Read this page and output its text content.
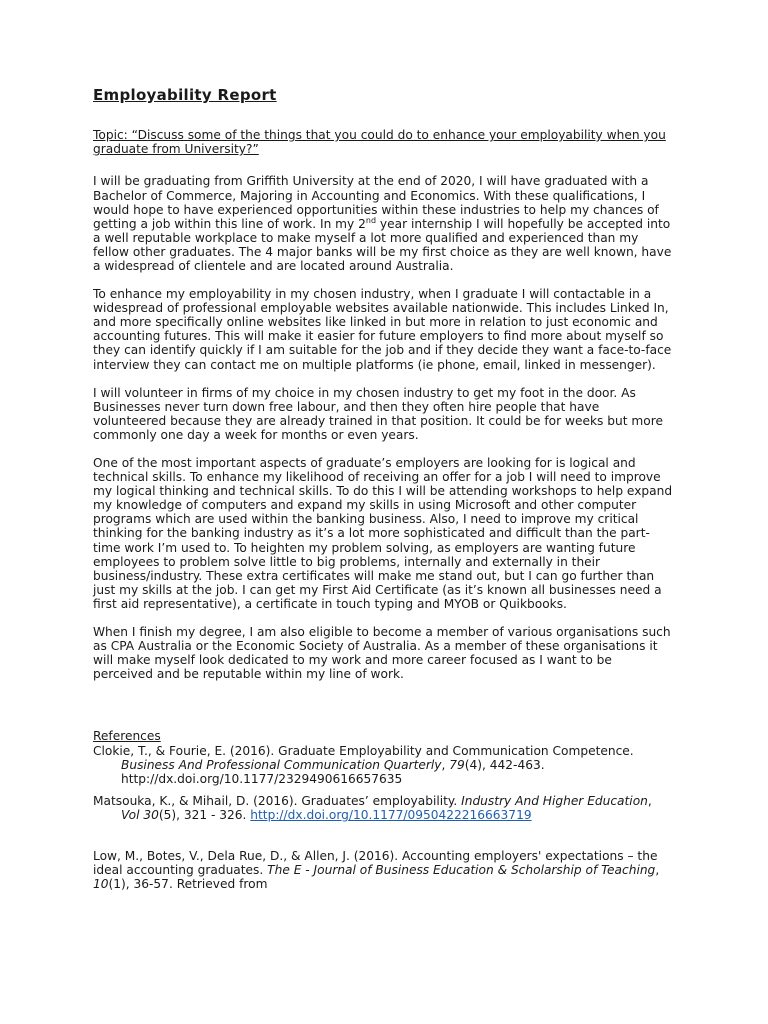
Employability Report
Topic: “Discuss some of the things that you could do to enhance your employability when you graduate from University?”

I will be graduating from Griffith University at the end of 2020, I will have graduated with a Bachelor of Commerce, Majoring in Accounting and Economics. With these qualifications, I would hope to have experienced opportunities within these industries to help my chances of getting a job within this line of work. In my 2nd year internship I will hopefully be accepted into a well reputable workplace to make myself a lot more qualified and experienced than my fellow other graduates. The 4 major banks will be my first choice as they are well known, have a widespread of clientele and are located around Australia.

To enhance my employability in my chosen industry, when I graduate I will contactable in a widespread of professional employable websites available nationwide. This includes Linked In, and more specifically online websites like linked in but more in relation to just economic and accounting futures. This will make it easier for future employers to find more about myself so they can identify quickly if I am suitable for the job and if they decide they want a face-to-face interview they can contact me on multiple platforms (ie phone, email, linked in messenger).

I will volunteer in firms of my choice in my chosen industry to get my foot in the door. As Businesses never turn down free labour, and then they often hire people that have volunteered because they are already trained in that position. It could be for weeks but more commonly one day a week for months or even years.

One of the most important aspects of graduate’s employers are looking for is logical and technical skills. To enhance my likelihood of receiving an offer for a job I will need to improve my logical thinking and technical skills. To do this I will be attending workshops to help expand my knowledge of computers and expand my skills in using Microsoft and other computer programs which are used within the banking business. Also, I need to improve my critical thinking for the banking industry as it’s a lot more sophisticated and difficult than the part-time work I’m used to. To heighten my problem solving, as employers are wanting future employees to problem solve little to big problems, internally and externally in their business/industry. These extra certificates will make me stand out, but I can go further than just my skills at the job. I can get my First Aid Certificate (as it’s known all businesses need a first aid representative), a certificate in touch typing and MYOB or Quikbooks.

When I finish my degree, I am also eligible to become a member of various organisations such as CPA Australia or the Economic Society of Australia. As a member of these organisations it will make myself look dedicated to my work and more career focused as I want to be perceived and be reputable within my line of work.

References
Clokie, T., & Fourie, E. (2016). Graduate Employability and Communication Competence. Business And Professional Communication Quarterly, 79(4), 442-463. http://dx.doi.org/10.1177/2329490616657635
Matsouka, K., & Mihail, D. (2016). Graduates’ employability. Industry And Higher Education, Vol 30(5), 321 - 326. http://dx.doi.org/10.1177/0950422216663719
Low, M., Botes, V., Dela Rue, D., & Allen, J. (2016). Accounting employers' expectations – the ideal accounting graduates. The E - Journal of Business Education & Scholarship of Teaching, 10(1), 36-57. Retrieved from
